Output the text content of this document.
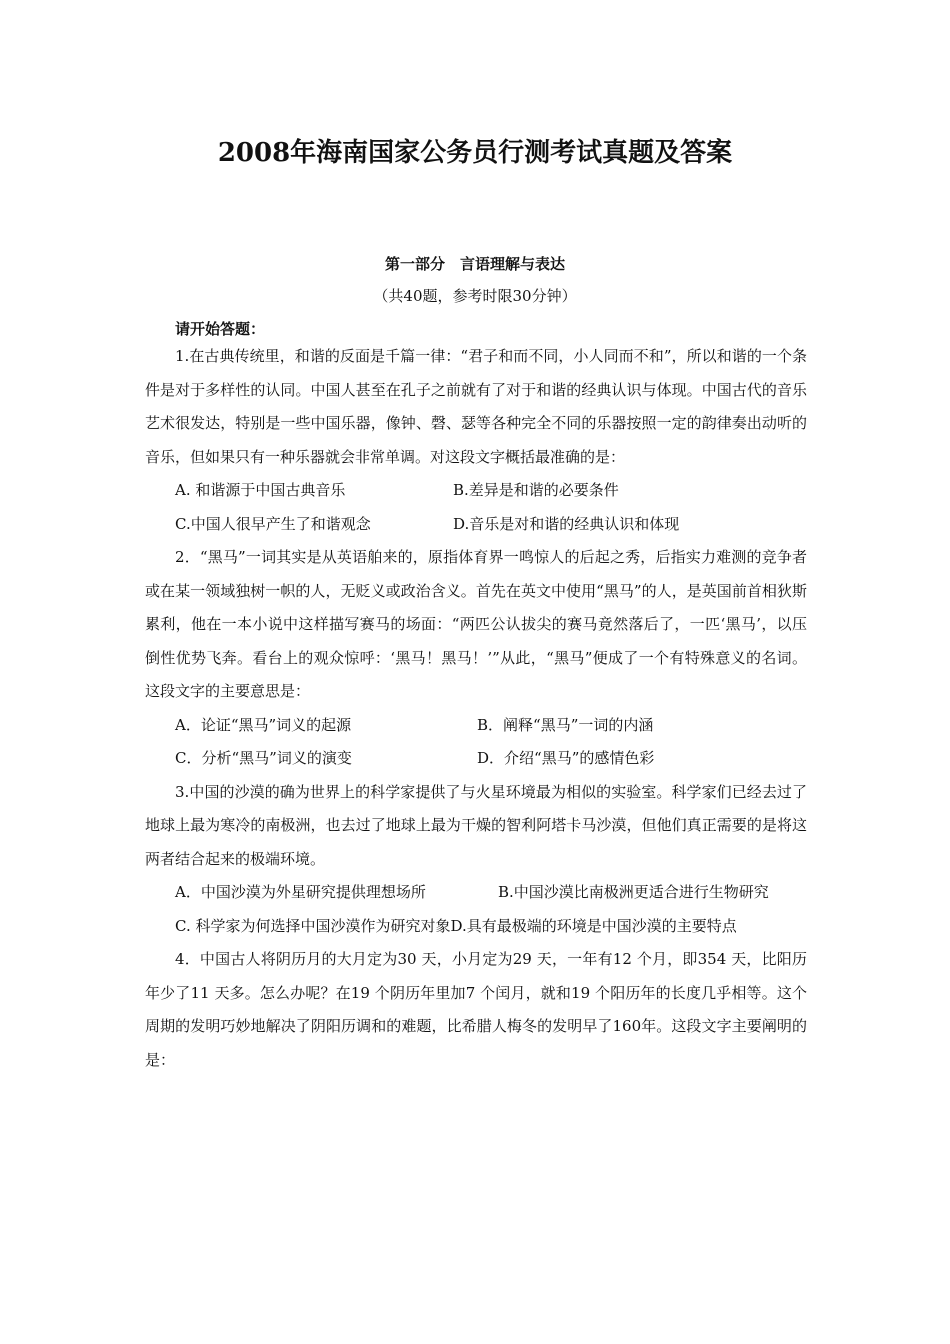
2008年海南国家公务员行测考试真题及答案
第一部分　言语理解与表达
（共40题，参考时限30分钟）
请开始答题：

1.在古典传统里，和谐的反面是千篇一律：“君子和而不同，小人同而不和”，所以和谐的一个条件是对于多样性的认同。中国人甚至在孔子之前就有了对于和谐的经典认识与体现。中国古代的音乐艺术很发达，特别是一些中国乐器，像钟、磬、瑟等各种完全不同的乐器按照一定的韵律奏出动听的音乐，但如果只有一种乐器就会非常单调。对这段文字概括最准确的是：

A. 和谐源于中国古典音乐	B.差异是和谐的必要条件
C.中国人很早产生了和谐观念	D.音乐是对和谐的经典认识和体现

2．“黑马”一词其实是从英语舶来的，原指体育界一鸣惊人的后起之秀，后指实力难测的竞争者或在某一领域独树一帜的人，无贬义或政治含义。首先在英文中使用“黑马”的人，是英国前首相狄斯累利，他在一本小说中这样描写赛马的场面：“两匹公认拔尖的赛马竟然落后了，一匹‘黑马’，以压倒性优势飞奔。看台上的观众惊呼：‘黑马！黑马！’”从此，“黑马”便成了一个有特殊意义的名词。这段文字的主要意思是：

A．论证“黑马”词义的起源	B．阐释“黑马”一词的内涵
C．分析“黑马”词义的演变	D．介绍“黑马”的感情色彩

3.中国的沙漠的确为世界上的科学家提供了与火星环境最为相似的实验室。科学家们已经去过了地球上最为寒冷的南极洲，也去过了地球上最为干燥的智利阿塔卡马沙漠，但他们真正需要的是将这两者结合起来的极端环境。

A．中国沙漠为外星研究提供理想场所	B.中国沙漠比南极洲更适合进行生物研究

C. 科学家为何选择中国沙漠作为研究对象D.具有最极端的环境是中国沙漠的主要特点

4．中国古人将阴历月的大月定为30 天，小月定为29 天，一年有12 个月，即354 天，比阳历年少了11 天多。怎么办呢？在19 个阴历年里加7 个闰月，就和19 个阳历年的长度几乎相等。这个周期的发明巧妙地解决了阴阳历调和的难题，比希腊人梅冬的发明早了160年。这段文字主要阐明的是：
